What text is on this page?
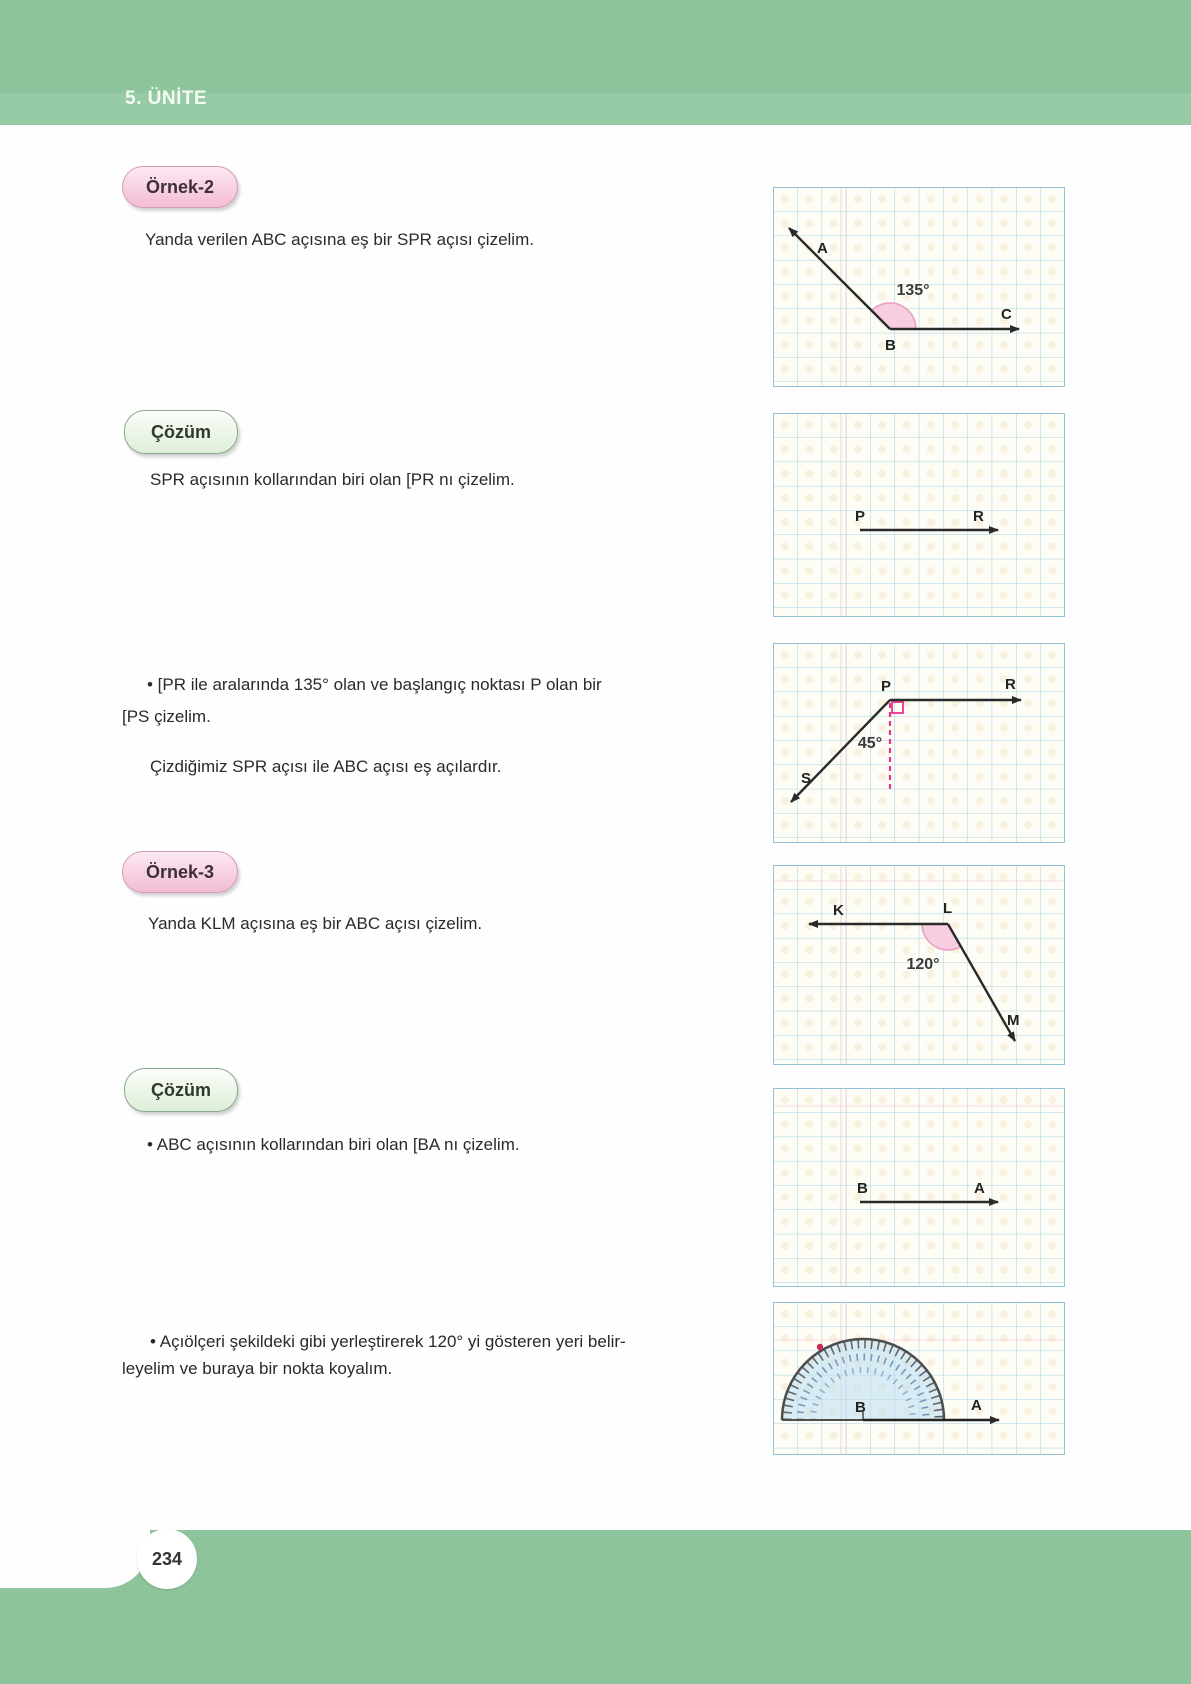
5. ÜNİTE
Örnek-2
Yanda verilen ABC açısına eş bir SPR açısı çizelim.
Çözüm
SPR açısının kollarından biri olan [PR nı çizelim.
• [PR ile aralarında 135° olan ve başlangıç noktası P olan bir
[PS çizelim.
Çizdiğimiz SPR açısı ile ABC açısı eş açılardır.
Örnek-3
Yanda KLM açısına eş bir ABC açısı çizelim.
Çözüm
• ABC açısının kollarından biri olan [BA nı çizelim.
• Açıölçeri şekildeki gibi yerleştirerek 120° yi gösteren yeri belir-
leyelim ve buraya bir nokta koyalım.
A
C
B
135°
P	R
P	R
S
45°
K	L
M
120°
B	A
B	A
234
